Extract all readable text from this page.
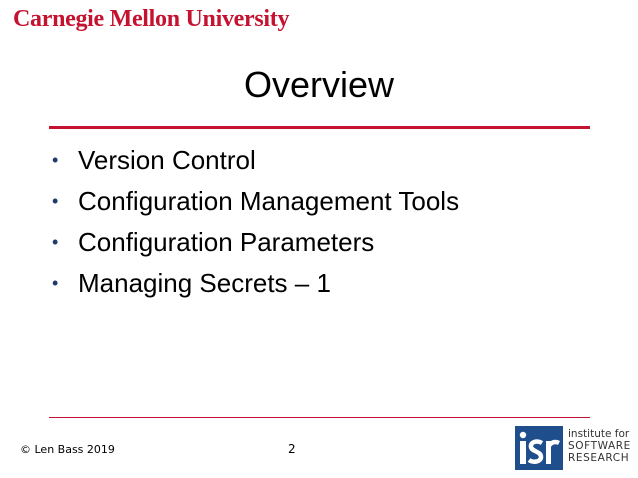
Carnegie Mellon University
Overview
• Version Control
• Configuration Management Tools
• Configuration Parameters
• Managing Secrets – 1
© Len Bass 2019	2
institute for
SOFTWARE
RESEARCH
